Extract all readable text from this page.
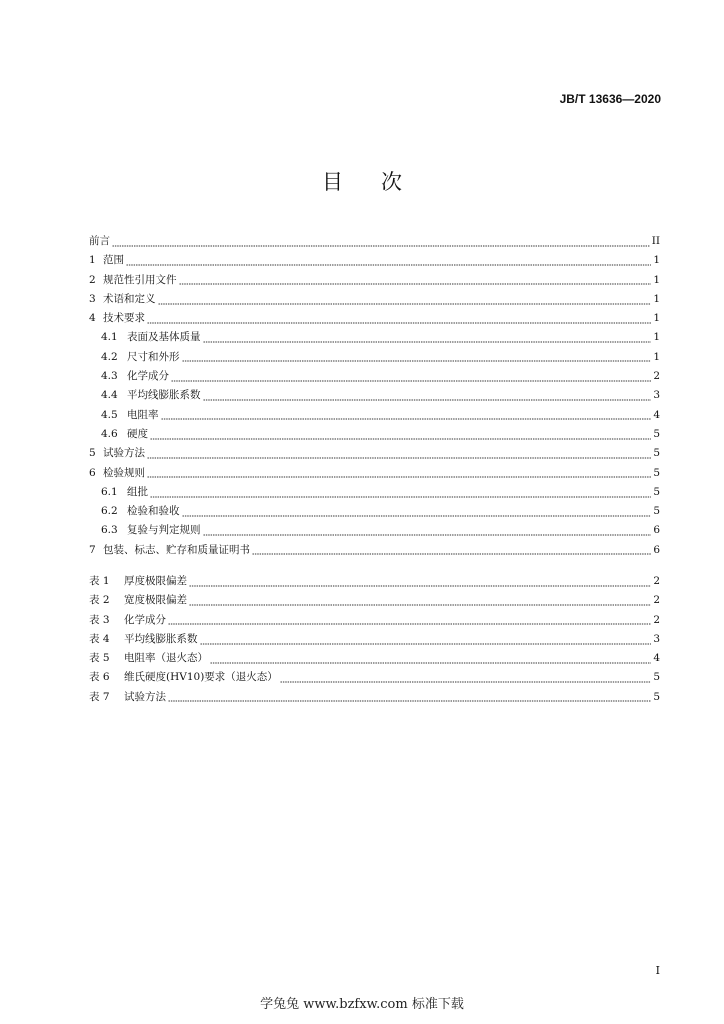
JB/T 13636—2020
目次
前言	II
1 范围	1
2 规范性引用文件	1
3 术语和定义	1
4 技术要求	1
4.1 表面及基体质量	1
4.2 尺寸和外形	1
4.3 化学成分	2
4.4 平均线膨胀系数	3
4.5 电阻率	4
4.6 硬度	5
5 试验方法	5
6 检验规则	5
6.1 组批	5
6.2 检验和验收	5
6.3 复验与判定规则	6
7 包装、标志、贮存和质量证明书	6
表 1	厚度极限偏差	2
表 2	宽度极限偏差	2
表 3	化学成分	2
表 4	平均线膨胀系数	3
表 5	电阻率（退火态）	4
表 6	维氏硬度(HV10)要求（退火态）	5
表 7	试验方法	5
I
学兔兔 www.bzfxw.com 标准下载
